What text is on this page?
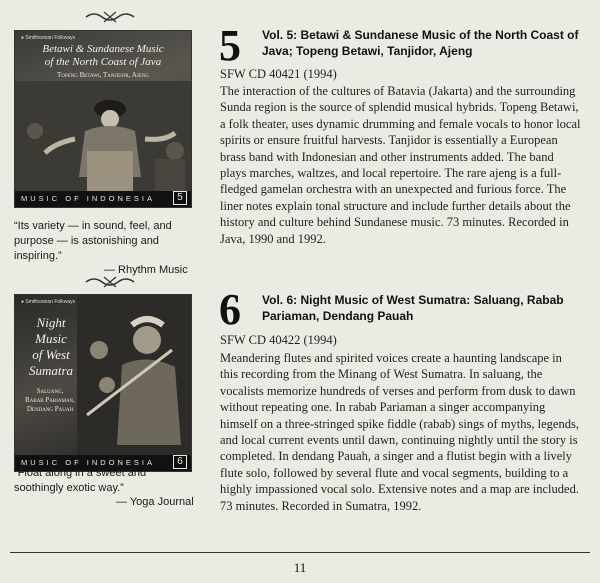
● Smithsonian Folkways
Betawi & Sundanese Music
of the North Coast of Java
Topeng Betawi, Tanjidor, Ajeng
MUSIC OF INDONESIA	5
“Its variety — in sound, feel, and purpose — is astonishing and inspiring.”
— Rhythm Music
5 Vol. 5: Betawi & Sundanese Music of the North Coast of Java; Topeng Betawi, Tanjidor, Ajeng
SFW CD 40421 (1994)
The interaction of the cultures of Batavia (Jakarta) and the surrounding Sunda region is the source of splendid musical hybrids. Topeng Betawi, a folk theater, uses dynamic drumming and female vocals to honor local spirits or ensure fruitful harvests. Tanjidor is essentially a European brass band with Indonesian and other instruments added. The band plays marches, waltzes, and local repertoire. The rare ajeng is a full-fledged gamelan orchestra with an unexpected and furious force. The liner notes explain tonal structure and include further details about the history and culture behind Sundanese music. 73 minutes. Recorded in Java, 1990 and 1992.
● Smithsonian Folkways
Night
Music
of West
Sumatra
Saluang,
Rabab Pariaman,
Dendang Pauah
MUSIC OF INDONESIA	6
“Float along in a sweet and soothingly exotic way.”
— Yoga Journal
6 Vol. 6: Night Music of West Sumatra: Saluang, Rabab Pariaman, Dendang Pauah
SFW CD 40422 (1994)
Meandering flutes and spirited voices create a haunting landscape in this recording from the Minang of West Sumatra. In saluang, the vocalists memorize hundreds of verses and perform from dusk to dawn without repeating one. In rabab Pariaman a singer accompanying himself on a three-stringed spike fiddle (rabab) sings of myths, legends, and local current events until dawn, continuing nightly until the story is completed. In dendang Pauah, a singer and a flutist begin with a lively flute solo, followed by several flute and vocal segments, building to a highly impassioned vocal solo. Extensive notes and a map are included. 73 minutes. Recorded in Sumatra, 1992.
11
